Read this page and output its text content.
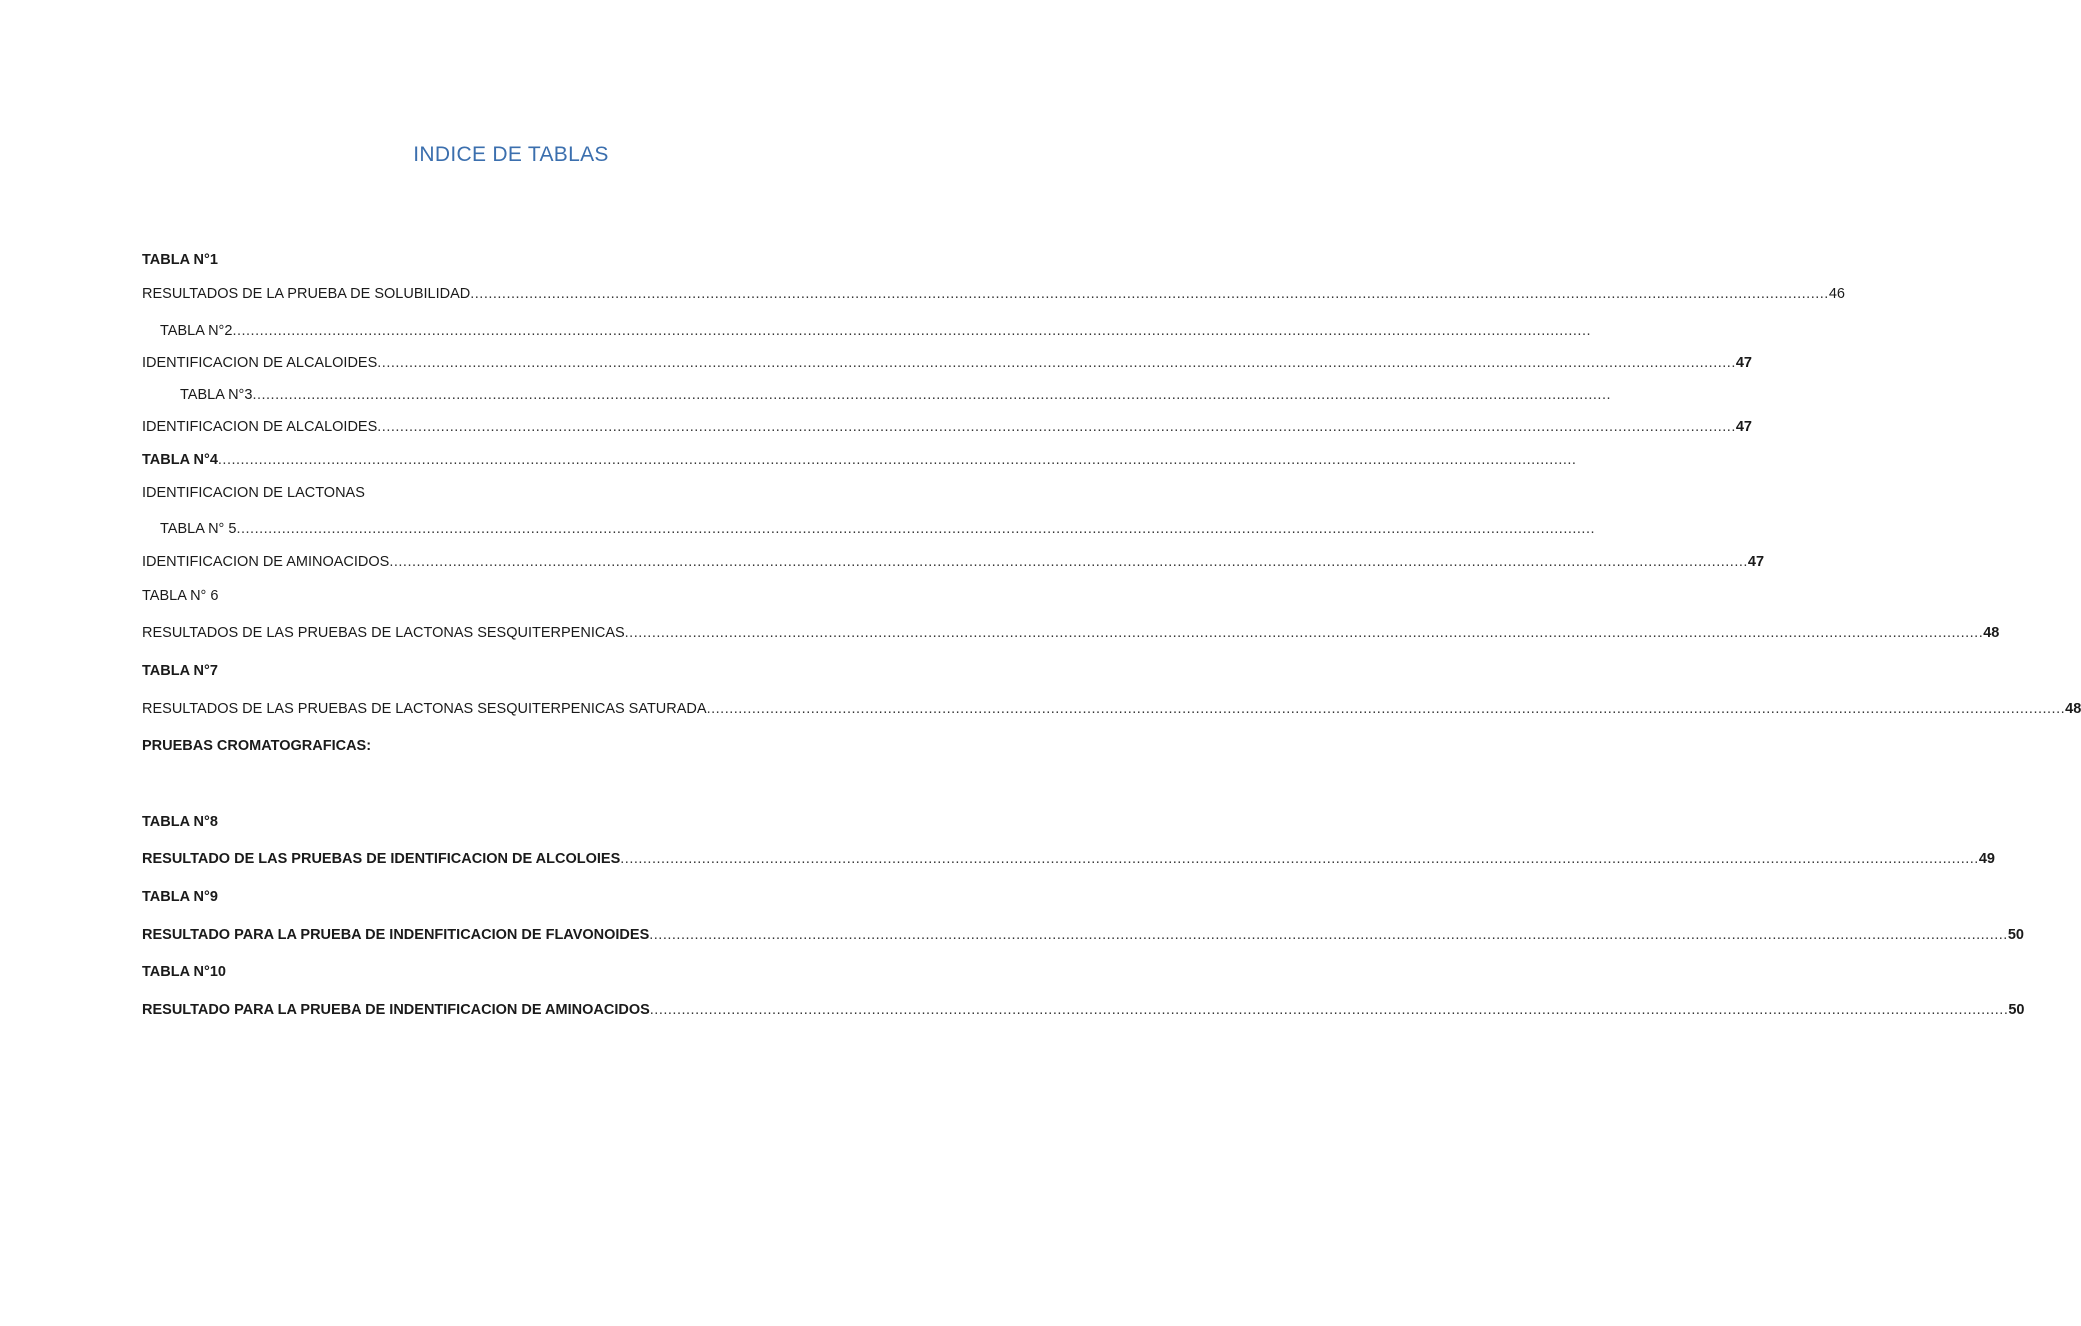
INDICE DE TABLAS
TABLA N°1
RESULTADOS DE LA PRUEBA DE SOLUBILIDAD ............................................................................................................................................................................................................................................................................................................ 46
TABLA N°2 ............................................................................................................................................................................................................................................................................................................
IDENTIFICACION DE ALCALOIDES ............................................................................................................................................................................................................................................................................................................ 47
TABLA N°3 ............................................................................................................................................................................................................................................................................................................
IDENTIFICACION DE ALCALOIDES ............................................................................................................................................................................................................................................................................................................ 47
TABLA N°4 ............................................................................................................................................................................................................................................................................................................
IDENTIFICACION DE LACTONAS
TABLA N° 5 ............................................................................................................................................................................................................................................................................................................
IDENTIFICACION DE AMINOACIDOS ............................................................................................................................................................................................................................................................................................................ 47
TABLA N° 6
RESULTADOS DE LAS PRUEBAS DE LACTONAS SESQUITERPENICAS ............................................................................................................................................................................................................................................................................................................ 48
TABLA N°7
RESULTADOS DE LAS PRUEBAS DE LACTONAS SESQUITERPENICAS SATURADA ............................................................................................................................................................................................................................................................................................................ 48
PRUEBAS CROMATOGRAFICAS:
TABLA N°8
RESULTADO DE LAS PRUEBAS DE IDENTIFICACION DE ALCOLOIES ............................................................................................................................................................................................................................................................................................................ 49
TABLA N°9
RESULTADO PARA LA PRUEBA DE INDENFITICACION DE FLAVONOIDES ............................................................................................................................................................................................................................................................................................................ 50
TABLA N°10
RESULTADO PARA LA PRUEBA DE INDENTIFICACION DE AMINOACIDOS ............................................................................................................................................................................................................................................................................................................ 50
